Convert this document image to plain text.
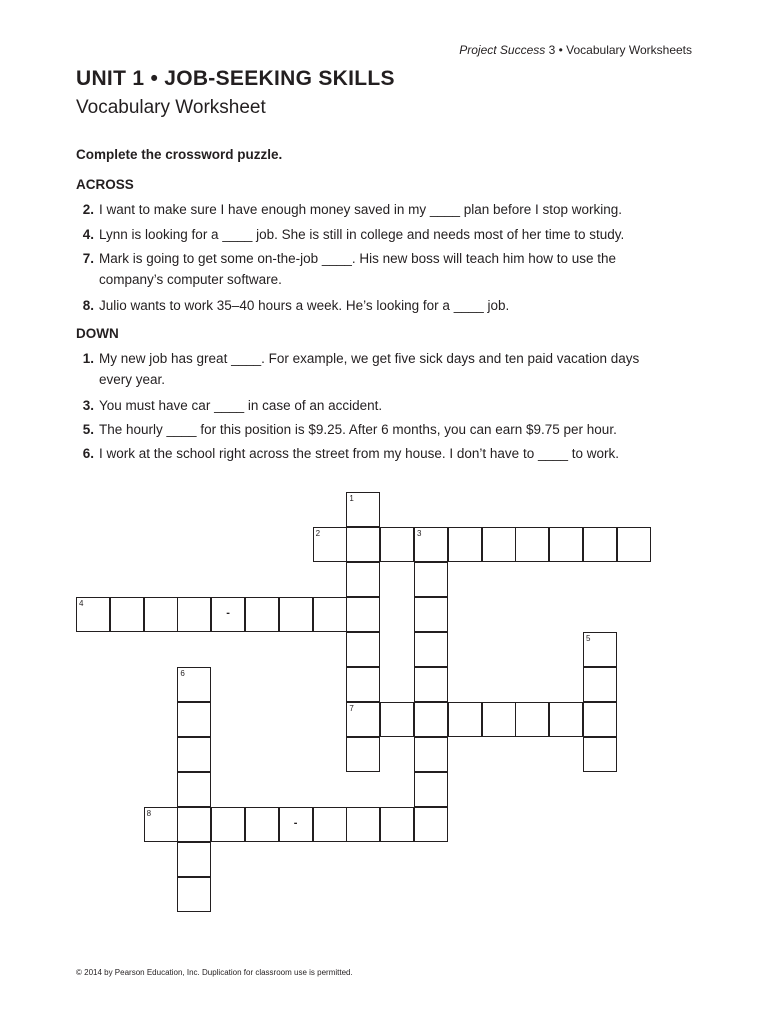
Project Success 3 • Vocabulary Worksheets
UNIT 1 • JOB-SEEKING SKILLS
Vocabulary Worksheet
Complete the crossword puzzle.
ACROSS
2. I want to make sure I have enough money saved in my ____ plan before I stop working.
4. Lynn is looking for a ____ job. She is still in college and needs most of her time to study.
7. Mark is going to get some on-the-job ____. His new boss will teach him how to use the company’s computer software.
8. Julio wants to work 35–40 hours a week. He’s looking for a ____ job.
DOWN
1. My new job has great ____. For example, we get five sick days and ten paid vacation days every year.
3. You must have car ____ in case of an accident.
5. The hourly ____ for this position is $9.25. After 6 months, you can earn $9.75 per hour.
6. I work at the school right across the street from my house. I don’t have to ____ to work.
2	3
4
-
7
8
-
1
5
6
© 2014 by Pearson Education, Inc. Duplication for classroom use is permitted.
